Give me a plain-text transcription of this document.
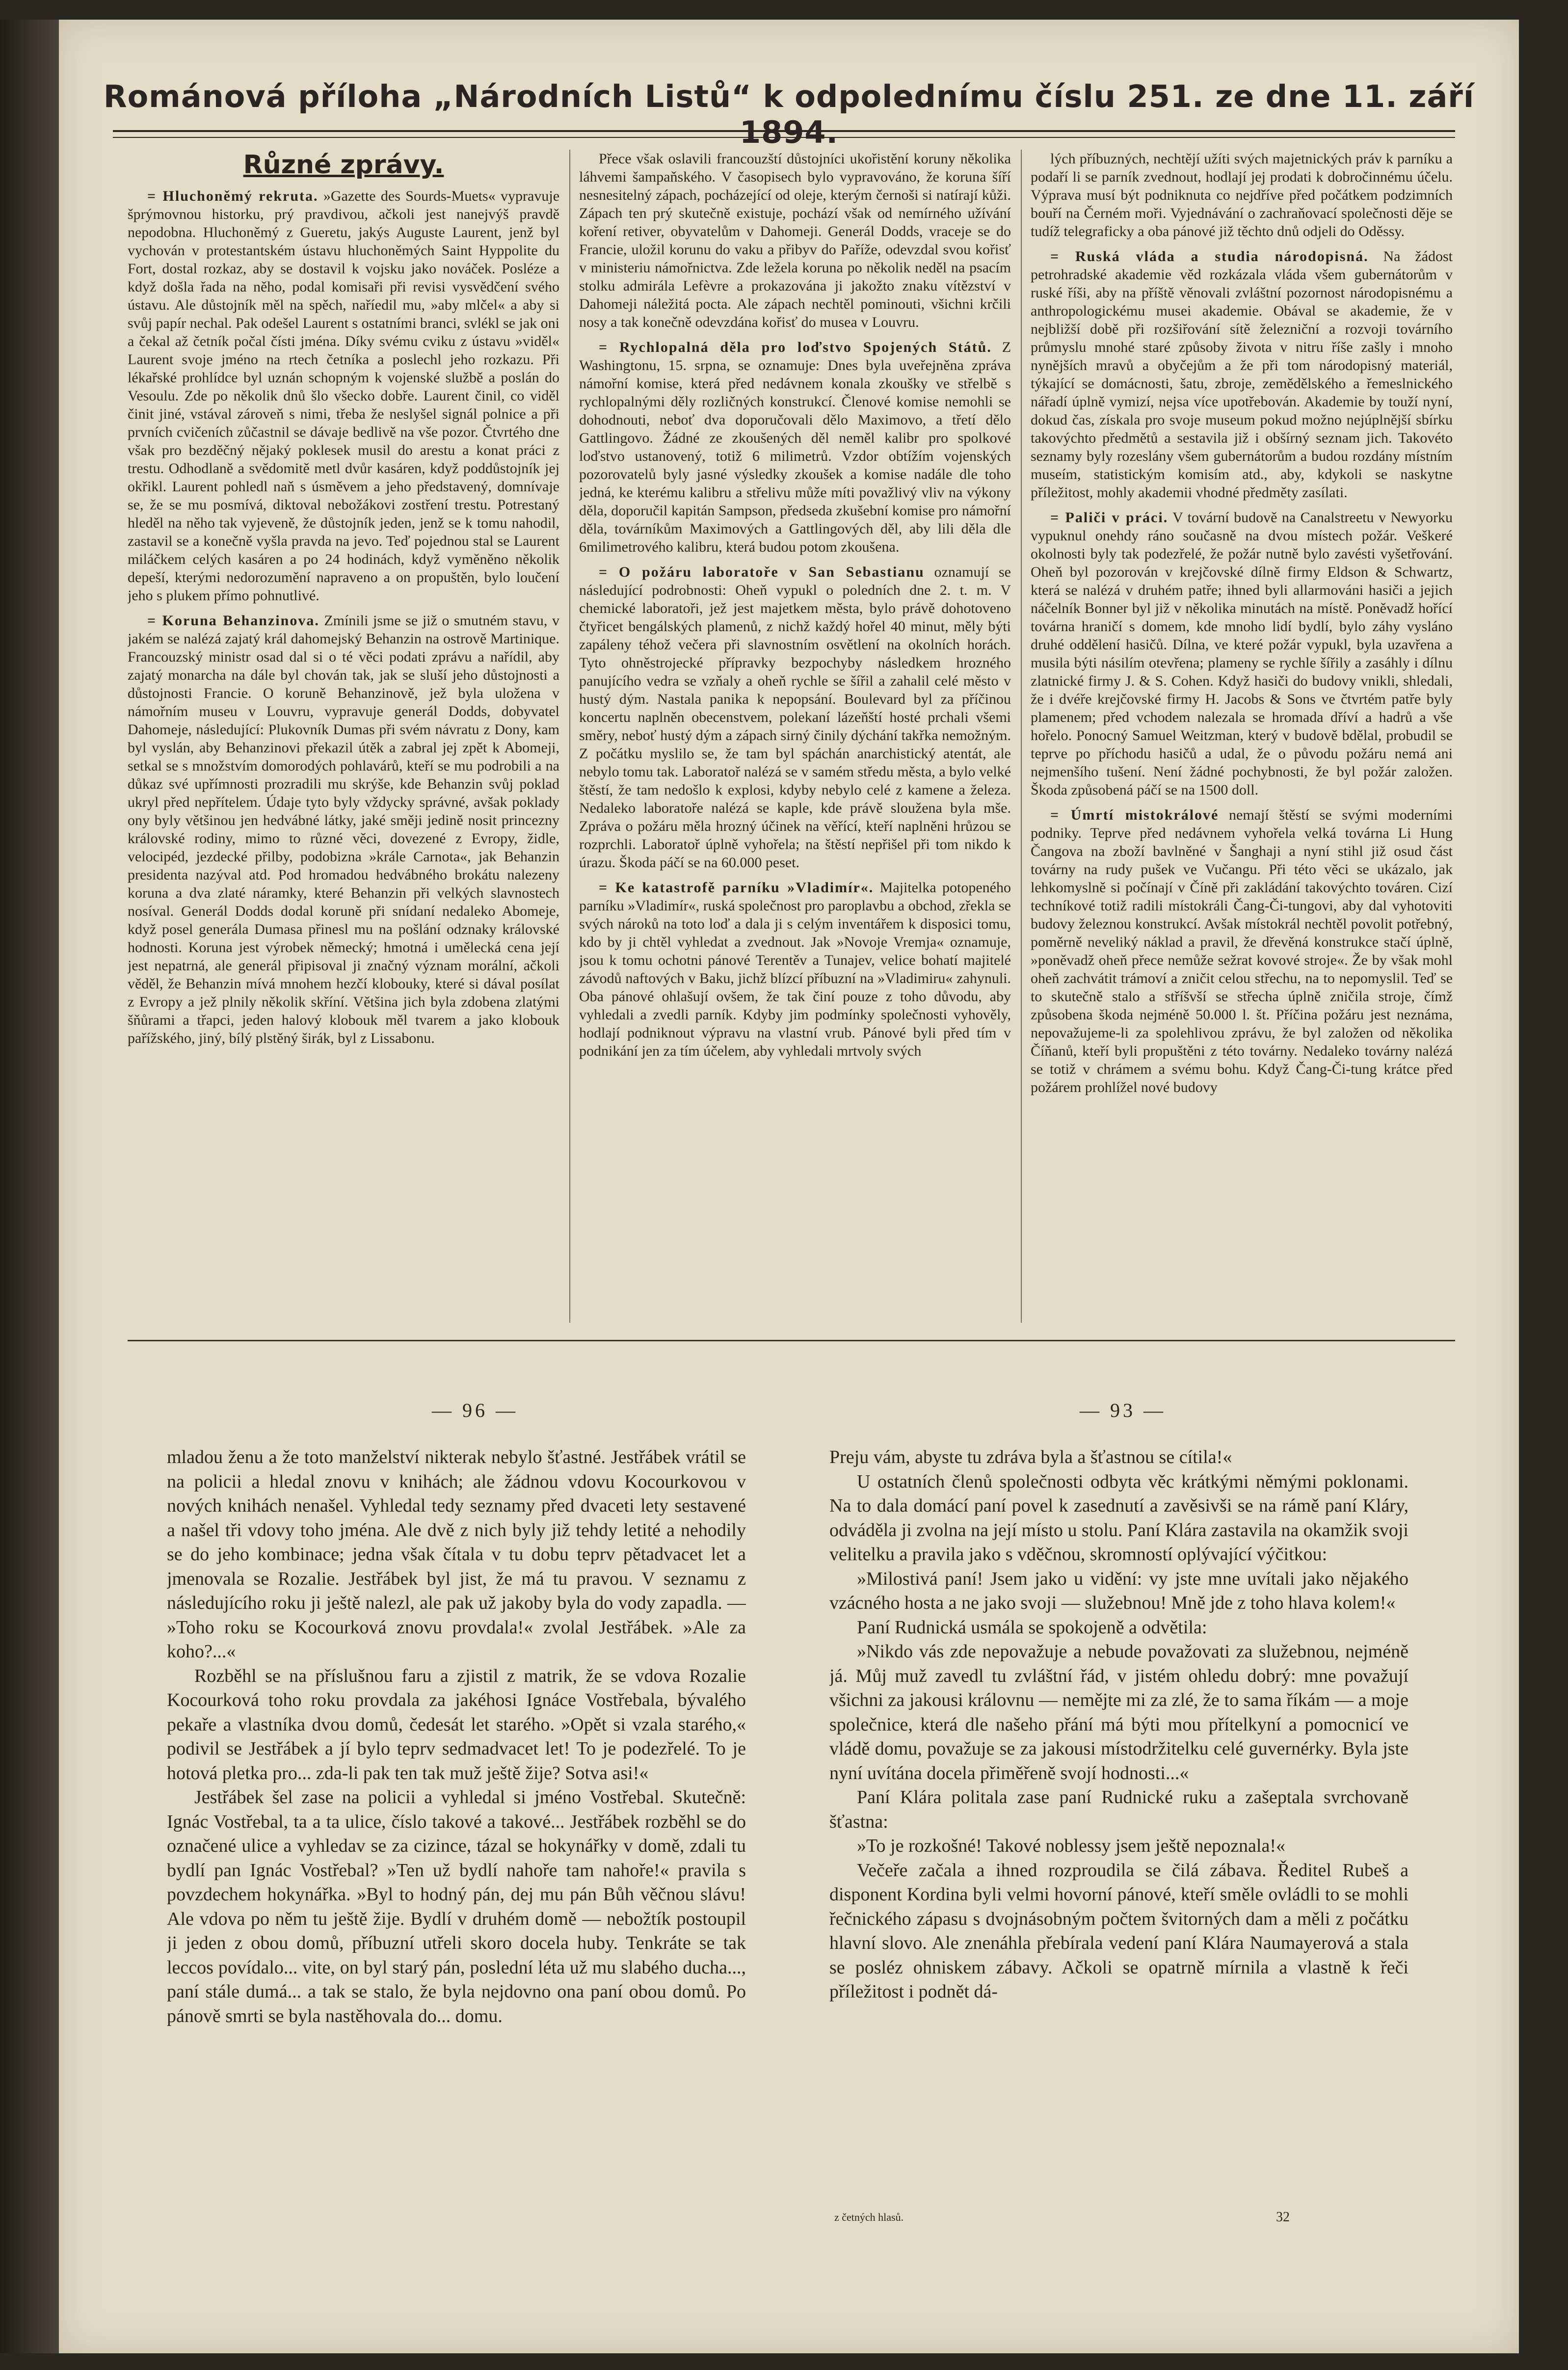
Románová příloha „Národních Listů“ k odpolednímu číslu 251. ze dne 11. září 1894.
Různé zprávy.

= Hluchoněmý rekruta. »Gazette des Sourds-Muets« vypravuje šprýmovnou historku, prý pravdivou, ačkoli jest nanejvýš pravdě nepodobna. Hluchoněmý z Gueretu, jakýs Auguste Laurent, jenž byl vychován v protestantském ústavu hluchoněmých Saint Hyppolite du Fort, dostal rozkaz, aby se dostavil k vojsku jako nováček. Posléze a když došla řada na něho, podal komisaři při revisi vysvědčení svého ústavu. Ale důstojník měl na spěch, naříedil mu, »aby mlčel« a aby si svůj papír nechal. Pak odešel Laurent s ostatními branci, svlékl se jak oni a čekal až četník počal čísti jména. Díky svému cviku z ústavu »viděl« Laurent svoje jméno na rtech četníka a poslechl jeho rozkazu. Při lékařské prohlídce byl uznán schopným k vojenské službě a poslán do Vesoulu. Zde po několik dnů šlo všecko dobře. Laurent činil, co viděl činit jiné, vstával zároveň s nimi, třeba že neslyšel signál polnice a při prvních cvičeních zůčastnil se dávaje bedlivě na vše pozor. Čtvrtého dne však pro bezděčný nějaký poklesek musil do arestu a konat práci z trestu. Odhodlaně a svědomitě metl dvůr kasáren, když poddůstojník jej okřikl. Laurent pohledl naň s úsměvem a jeho představený, domnívaje se, že se mu posmívá, diktoval nebožákovi zostření trestu. Potrestaný hleděl na něho tak vyjeveně, že důstojník jeden, jenž se k tomu nahodil, zastavil se a konečně vyšla pravda na jevo. Teď pojednou stal se Laurent miláčkem celých kasáren a po 24 hodinách, když vyměněno několik depeší, kterými nedorozumění napraveno a on propuštěn, bylo loučení jeho s plukem přímo pohnutlivé.

= Koruna Behanzinova. Zmínili jsme se již o smutném stavu, v jakém se nalézá zajatý král dahomejský Behanzin na ostrově Martinique. Francouzský ministr osad dal si o té věci podati zprávu a nařídil, aby zajatý monarcha na dále byl chován tak, jak se sluší jeho důstojnosti a důstojnosti Francie. O koruně Behanzinově, jež byla uložena v námořním museu v Louvru, vypravuje generál Dodds, dobyvatel Dahomeje, následující: Plukovník Dumas při svém návratu z Dony, kam byl vyslán, aby Behanzinovi překazil útěk a zabral jej zpět k Abomeji, setkal se s množstvím domorodých pohlavárů, kteří se mu podrobili a na důkaz své upřímnosti prozradili mu skrýše, kde Behanzin svůj poklad ukryl před nepřítelem. Údaje tyto byly vždycky správné, avšak poklady ony byly většinou jen hedvábné látky, jaké směji jedině nosit princezny královské rodiny, mimo to různé věci, dovezené z Evropy, židle, velocipéd, jezdecké přilby, podobizna »krále Carnota«, jak Behanzin presidenta nazýval atd. Pod hromadou hedvábného brokátu nalezeny koruna a dva zlaté náramky, které Behanzin při velkých slavnostech nosíval. Generál Dodds dodal koruně při snídaní nedaleko Abomeje, když posel generála Dumasa přinesl mu na pošlání odznaky královské hodnosti. Koruna jest výrobek německý; hmotná i umělecká cena její jest nepatrná, ale generál připisoval ji značný význam morální, ačkoli věděl, že Behanzin mívá mnohem hezčí klobouky, které si dával posílat z Evropy a jež plnily několik skříní. Většina jich byla zdobena zlatými šňůrami a třapci, jeden halový klobouk měl tvarem a jako klobouk pařížského, jiný, bílý plstěný širák, byl z Lissabonu.

Přece však oslavili francouzští důstojníci ukořistění koruny několika láhvemi šampaňského. V časopisech bylo vypravováno, že koruna šíří nesnesitelný zápach, pocházející od oleje, kterým černoši si natírají kůži. Zápach ten prý skutečně existuje, pochází však od nemírného užívání koření retiver, obyvatelům v Dahomeji. Generál Dodds, vraceje se do Francie, uložil korunu do vaku a přibyv do Paříže, odevzdal svou kořisť v ministeriu námořnictva. Zde ležela koruna po několik neděl na psacím stolku admirála Lefèvre a prokazována ji jakožto znaku vítězství v Dahomeji náležitá pocta. Ale zápach nechtěl pominouti, všichni krčili nosy a tak konečně odevzdána kořisť do musea v Louvru.

= Rychlopalná děla pro loďstvo Spojených Států. Z Washingtonu, 15. srpna, se oznamuje: Dnes byla uveřejněna zpráva námořní komise, která před nedávnem konala zkoušky ve střelbě s rychlopalnými děly rozličných konstrukcí. Členové komise nemohli se dohodnouti, neboť dva doporučovali dělo Maximovo, a třetí dělo Gattlingovo. Žádné ze zkoušených děl neměl kalibr pro spolkové loďstvo ustanovený, totiž 6 milimetrů. Vzdor obtížím vojenských pozorovatelů byly jasné výsledky zkoušek a komise nadále dle toho jedná, ke kterému kalibru a střelivu může míti považlivý vliv na výkony děla, doporučil kapitán Sampson, předseda zkušební komise pro námořní děla, továrníkům Maximových a Gattlingových děl, aby lili děla dle 6milimetrového kalibru, která budou potom zkoušena.

= O požáru laboratoře v San Sebastianu oznamují se následující podrobnosti: Oheň vypukl o poledních dne 2. t. m. V chemické laboratoři, jež jest majetkem města, bylo právě dohotoveno čtyřicet bengálských plamenů, z nichž každý hořel 40 minut, měly býti zapáleny téhož večera při slavnostním osvětlení na okolních horách. Tyto ohněstrojecké přípravky bezpochyby následkem hrozného panujícího vedra se vzňaly a oheň rychle se šířil a zahalil celé město v hustý dým. Nastala panika k nepopsání. Boulevard byl za příčinou koncertu naplněn obecenstvem, polekaní lázeňští hosté prchali všemi směry, neboť hustý dým a zápach sirný činily dýchání takřka nemožným. Z počátku myslilo se, že tam byl spáchán anarchistický atentát, ale nebylo tomu tak. Laboratoř nalézá se v samém středu města, a bylo velké štěstí, že tam nedošlo k explosi, kdyby nebylo celé z kamene a železa. Nedaleko laboratoře nalézá se kaple, kde právě sloužena byla mše. Zpráva o požáru měla hrozný účinek na věřící, kteří naplněni hrůzou se rozprchli. Laboratoř úplně vyhořela; na štěstí nepřišel při tom nikdo k úrazu. Škoda páčí se na 60.000 peset.

= Ke katastrofě parníku »Vladimír«. Majitelka potopeného parníku »Vladimír«, ruská společnost pro paroplavbu a obchod, zřekla se svých nároků na toto loď a dala ji s celým inventářem k disposici tomu, kdo by ji chtěl vyhledat a zvednout. Jak »Novoje Vremja« oznamuje, jsou k tomu ochotni pánové Terentěv a Tunajev, velice bohatí majitelé závodů naftových v Baku, jichž blízcí příbuzní na »Vladimiru« zahynuli. Oba pánové ohlašují ovšem, že tak činí pouze z toho důvodu, aby vyhledali a zvedli parník. Kdyby jim podmínky společnosti vyhověly, hodlají podniknout výpravu na vlastní vrub. Pánové byli před tím v podnikání jen za tím účelem, aby vyhledali mrtvoly svých

lých příbuzných, nechtějí užíti svých majetnických práv k parníku a podaří li se parník zvednout, hodlají jej prodati k dobročinnému účelu. Výprava musí být podniknuta co nejdříve před počátkem podzimních bouří na Černém moři. Vyjednávání o zachraňovací společnosti děje se tudíž telegraficky a oba pánové již těchto dnů odjeli do Oděssy.

= Ruská vláda a studia národopisná. Na žádost petrohradské akademie věd rozkázala vláda všem gubernátorům v ruské říši, aby na příště věnovali zvláštní pozornost národopisnému a anthropologickému musei akademie. Obával se akademie, že v nejbližší době při rozšiřování sítě železniční a rozvoji továrního průmyslu mnohé staré způsoby života v nitru říše zašly i mnoho nynějších mravů a obyčejům a že při tom národopisný materiál, týkající se domácnosti, šatu, zbroje, zemědělského a řemeslnického nářadí úplně vymizí, nejsa více upotřebován. Akademie by touží nyní, dokud čas, získala pro svoje museum pokud možno nejúplnější sbírku takovýchto předmětů a sestavila již i obšírný seznam jich. Takovéto seznamy byly rozeslány všem gubernátorům a budou rozdány místním museím, statistickým komisím atd., aby, kdykoli se naskytne příležitost, mohly akademii vhodné předměty zasílati.

= Paliči v práci. V tovární budově na Canalstreetu v Newyorku vypuknul onehdy ráno současně na dvou místech požár. Veškeré okolnosti byly tak podezřelé, že požár nutně bylo zavésti vyšetřování. Oheň byl pozorován v krejčovské dílně firmy Eldson & Schwartz, která se nalézá v druhém patře; ihned byli allarmováni hasiči a jejich náčelník Bonner byl již v několika minutách na místě. Poněvadž hořící továrna hraničí s domem, kde mnoho lidí bydlí, bylo záhy vysláno druhé oddělení hasičů. Dílna, ve které požár vypukl, byla uzavřena a musila býti násilím otevřena; plameny se rychle šířily a zasáhly i dílnu zlatnické firmy J. & S. Cohen. Když hasiči do budovy vnikli, shledali, že i dvéře krejčovské firmy H. Jacobs & Sons ve čtvrtém patře byly plamenem; před vchodem nalezala se hromada dříví a hadrů a vše hořelo. Ponocný Samuel Weitzman, který v budově bdělal, probudil se teprve po příchodu hasičů a udal, že o původu požáru nemá ani nejmenšího tušení. Není žádné pochybnosti, že byl požár založen. Škoda způsobená páčí se na 1500 doll.

= Úmrtí mistokrálové nemají štěstí se svými moderními podniky. Teprve před nedávnem vyhořela velká továrna Li Hung Čangova na zboží bavlněné v Šanghaji a nyní stihl již osud část továrny na rudy pušek ve Vučangu. Při této věci se ukázalo, jak lehkomyslně si počínají v Číně při zakládání takovýchto továren. Cizí techníkové totiž radili místokráli Čang-Či-tungovi, aby dal vyhotoviti budovy železnou konstrukcí. Avšak místokrál nechtěl povolit potřebný, poměrně neveliký náklad a pravil, že dřevěná konstrukce stačí úplně, »poněvadž oheň přece nemůže sežrat kovové stroje«. Že by však mohl oheň zachvátit trámoví a zničit celou střechu, na to nepomyslil. Teď se to skutečně stalo a stříšvší se střecha úplně zničila stroje, čímž způsobena škoda nejméně 50.000 l. št. Příčina požáru jest neznáma, nepovažujeme-li za spolehlivou zprávu, že byl založen od několika Číňanů, kteří byli propuštěni z této továrny. Nedaleko továrny nalézá se totiž v chrámem a svému bohu. Když Čang-Či-tung krátce před požárem prohlížel nové budovy

— 96 —	— 93 —

mladou ženu a že toto manželství nikterak nebylo šťastné. Jestřábek vrátil se na policii a hledal znovu v knihách; ale žádnou vdovu Kocourkovou v nových knihách nenašel. Vyhledal tedy seznamy před dvaceti lety sestavené a našel tři vdovy toho jména. Ale dvě z nich byly již tehdy letité a nehodily se do jeho kombinace; jedna však čítala v tu dobu teprv pětadvacet let a jmenovala se Rozalie. Jestřábek byl jist, že má tu pravou. V seznamu z následujícího roku ji ještě nalezl, ale pak už jakoby byla do vody zapadla. — »Toho roku se Kocourková znovu provdala!« zvolal Jestřábek. »Ale za koho?...«

Rozběhl se na příslušnou faru a zjistil z matrik, že se vdova Rozalie Kocourková toho roku provdala za jakéhosi Ignáce Vostřebala, bývalého pekaře a vlastníka dvou domů, čedesát let starého. »Opět si vzala starého,« podivil se Jestřábek a jí bylo teprv sedmadvacet let! To je podezřelé. To je hotová pletka pro... zda-li pak ten tak muž ještě žije? Sotva asi!«

Jestřábek šel zase na policii a vyhledal si jméno Vostřebal. Skutečně: Ignác Vostřebal, ta a ta ulice, číslo takové a takové... Jestřábek rozběhl se do označené ulice a vyhledav se za cizince, tázal se hokynářky v domě, zdali tu bydlí pan Ignác Vostřebal? »Ten už bydlí nahoře tam nahoře!« pravila s povzdechem hokynářka. »Byl to hodný pán, dej mu pán Bůh věčnou slávu! Ale vdova po něm tu ještě žije. Bydlí v druhém domě — nebožtík postoupil ji jeden z obou domů, příbuzní utřeli skoro docela huby. Tenkráte se tak leccos povídalo... vite, on byl starý pán, poslední léta už mu slabého ducha..., paní stále dumá... a tak se stalo, že byla nejdovno ona paní obou domů. Po pánově smrti se byla nastěhovala do... domu.

Preju vám, abyste tu zdráva byla a šťastnou se cítila!«

U ostatních členů společnosti odbyta věc krátkými němými poklonami. Na to dala domácí paní povel k zasednutí a zavěsivši se na rámě paní Kláry, odváděla ji zvolna na její místo u stolu. Paní Klára zastavila na okamžik svoji velitelku a pravila jako s vděčnou, skromností oplývající výčitkou:

»Milostivá paní! Jsem jako u vidění: vy jste mne uvítali jako nějakého vzácného hosta a ne jako svoji — služebnou! Mně jde z toho hlava kolem!«

Paní Rudnická usmála se spokojeně a odvětila:

»Nikdo vás zde nepovažuje a nebude považovati za služebnou, nejméně já. Můj muž zavedl tu zvláštní řád, v jistém ohledu dobrý: mne považují všichni za jakousi královnu — nemějte mi za zlé, že to sama říkám — a moje společnice, která dle našeho přání má býti mou přítelkyní a pomocnicí ve vládě domu, považuje se za jakousi místodržitelku celé guvernérky. Byla jste nyní uvítána docela přiměřeně svojí hodnosti...«

Paní Klára politala zase paní Rudnické ruku a zašeptala svrchovaně šťastna:

»To je rozkošné! Takové noblessy jsem ještě nepoznala!«

Večeře začala a ihned rozproudila se čilá zábava. Ředitel Rubeš a disponent Kordina byli velmi hovorní pánové, kteří směle ovládli to se mohli řečnického zápasu s dvojnásobným počtem švitorných dam a měli z počátku hlavní slovo. Ale znenáhla přebírala vedení paní Klára Naumayerová a stala se posléz ohniskem zábavy. Ačkoli se opatrně mírnila a vlastně k řeči příležitost i podnět dá-

z četných hlasů.	32
